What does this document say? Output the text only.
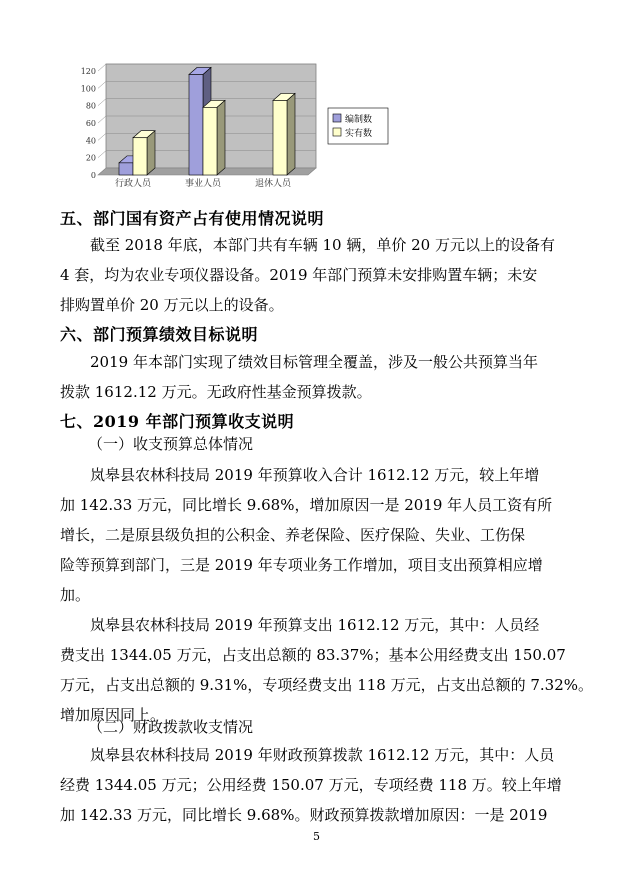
0
20
40
60
80
100
120
行政人员	事业人员	退休人员
编制数
实有数
五、部门国有资产占有使用情况说明
截至 2018 年底，本部门共有车辆 10 辆，单价 20 万元以上的设备有
4 套，均为农业专项仪器设备。2019 年部门预算未安排购置车辆；未安
排购置单价 20 万元以上的设备。
六、部门预算绩效目标说明
2019 年本部门实现了绩效目标管理全覆盖，涉及一般公共预算当年
拨款 1612.12 万元。无政府性基金预算拨款。
七、2019 年部门预算收支说明
（一）收支预算总体情况
岚皋县农林科技局 2019 年预算收入合计 1612.12 万元，较上年增
加 142.33 万元，同比增长 9.68%，增加原因一是 2019 年人员工资有所
增长，二是原县级负担的公积金、养老保险、医疗保险、失业、工伤保
险等预算到部门，三是 2019 年专项业务工作增加，项目支出预算相应增
加。
岚皋县农林科技局 2019 年预算支出 1612.12 万元，其中：人员经
费支出 1344.05 万元，占支出总额的 83.37%；基本公用经费支出 150.07
万元，占支出总额的 9.31%，专项经费支出 118 万元，占支出总额的 7.32%。
增加原因同上。
（二）财政拨款收支情况
岚皋县农林科技局 2019 年财政预算拨款 1612.12 万元，其中：人员
经费 1344.05 万元；公用经费 150.07 万元，专项经费 118 万。较上年增
加 142.33 万元，同比增长 9.68%。财政预算拨款增加原因：一是 2019
5
